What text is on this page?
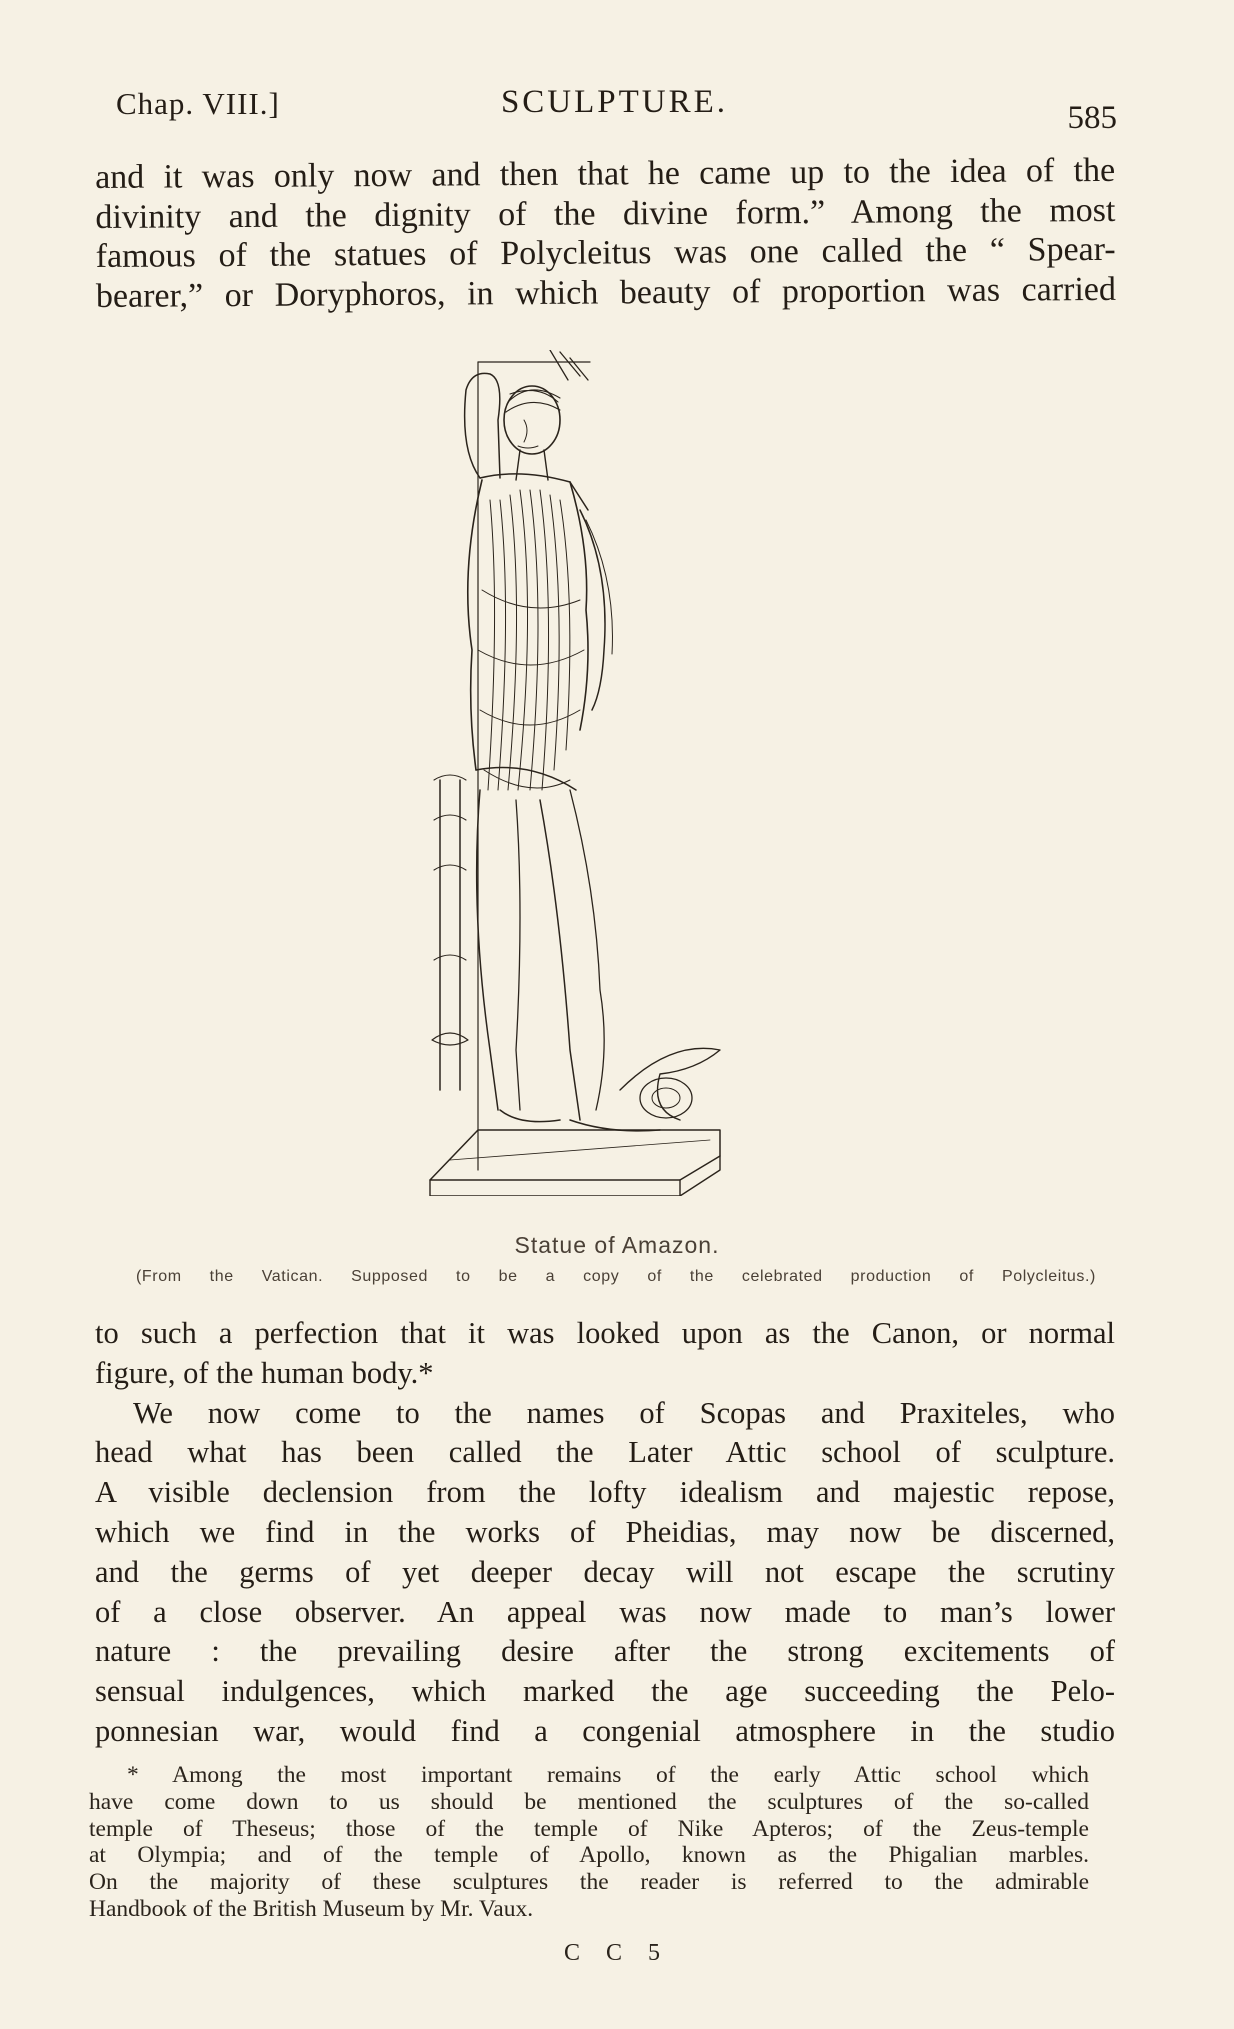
Chap. VIII.]	SCULPTURE.	585
and it was only now and then that he came up to the idea of the
divinity and the dignity of the divine form.” Among the most
famous of the statues of Polycleitus was one called the “ Spear-
bearer,” or Doryphoros, in which beauty of proportion was carried
Statue of Amazon.
(From the Vatican. Supposed to be a copy of the celebrated production of Polycleitus.)
to such a perfection that it was looked upon as the Canon, or normal
figure, of the human body.*
We now come to the names of Scopas and Praxiteles, who
head what has been called the Later Attic school of sculpture.
A visible declension from the lofty idealism and majestic repose,
which we find in the works of Pheidias, may now be discerned,
and the germs of yet deeper decay will not escape the scrutiny
of a close observer. An appeal was now made to man’s lower
nature : the prevailing desire after the strong excitements of
sensual indulgences, which marked the age succeeding the Pelo-
ponnesian war, would find a congenial atmosphere in the studio
* Among the most important remains of the early Attic school which
have come down to us should be mentioned the sculptures of the so-called
temple of Theseus; those of the temple of Nike Apteros; of the Zeus-temple
at Olympia; and of the temple of Apollo, known as the Phigalian marbles.
On the majority of these sculptures the reader is referred to the admirable
Handbook of the British Museum by Mr. Vaux.
C C 5
